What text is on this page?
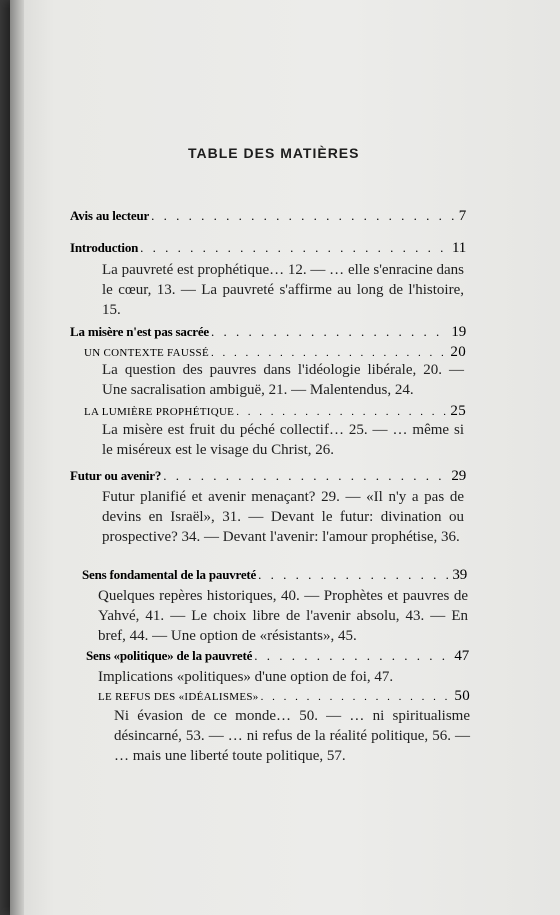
TABLE DES MATIÈRES
Avis au lecteur . . .	7
Introduction . . .	11
La pauvreté est prophétique… 12. — … elle s'enracine dans le cœur, 13. — La pauvreté s'affirme au long de l'histoire, 15.
La misère n'est pas sacrée . . .	19
UN CONTEXTE FAUSSÉ . . .	20
La question des pauvres dans l'idéologie libérale, 20. — Une sacralisation ambiguë, 21. — Malentendus, 24.
LA LUMIÈRE PROPHÉTIQUE . . .	25
La misère est fruit du péché collectif… 25. — … même si le miséreux est le visage du Christ, 26.
Futur ou avenir? . . .	29
Futur planifié et avenir menaçant? 29. — «Il n'y a pas de devins en Israël», 31. — Devant le futur: divination ou prospective? 34. — Devant l'avenir: l'amour prophétise, 36.
Sens fondamental de la pauvreté . . .	39
Quelques repères historiques, 40. — Prophètes et pauvres de Yahvé, 41. — Le choix libre de l'avenir absolu, 43. — En bref, 44. — Une option de «résistants», 45.
Sens «politique» de la pauvreté . . .	47
Implications «politiques» d'une option de foi, 47.
LE REFUS DES «IDÉALISMES» . . .	50
Ni évasion de ce monde… 50. — … ni spiritualisme désincarné, 53. — … ni refus de la réalité politique, 56. — … mais une liberté toute politique, 57.
